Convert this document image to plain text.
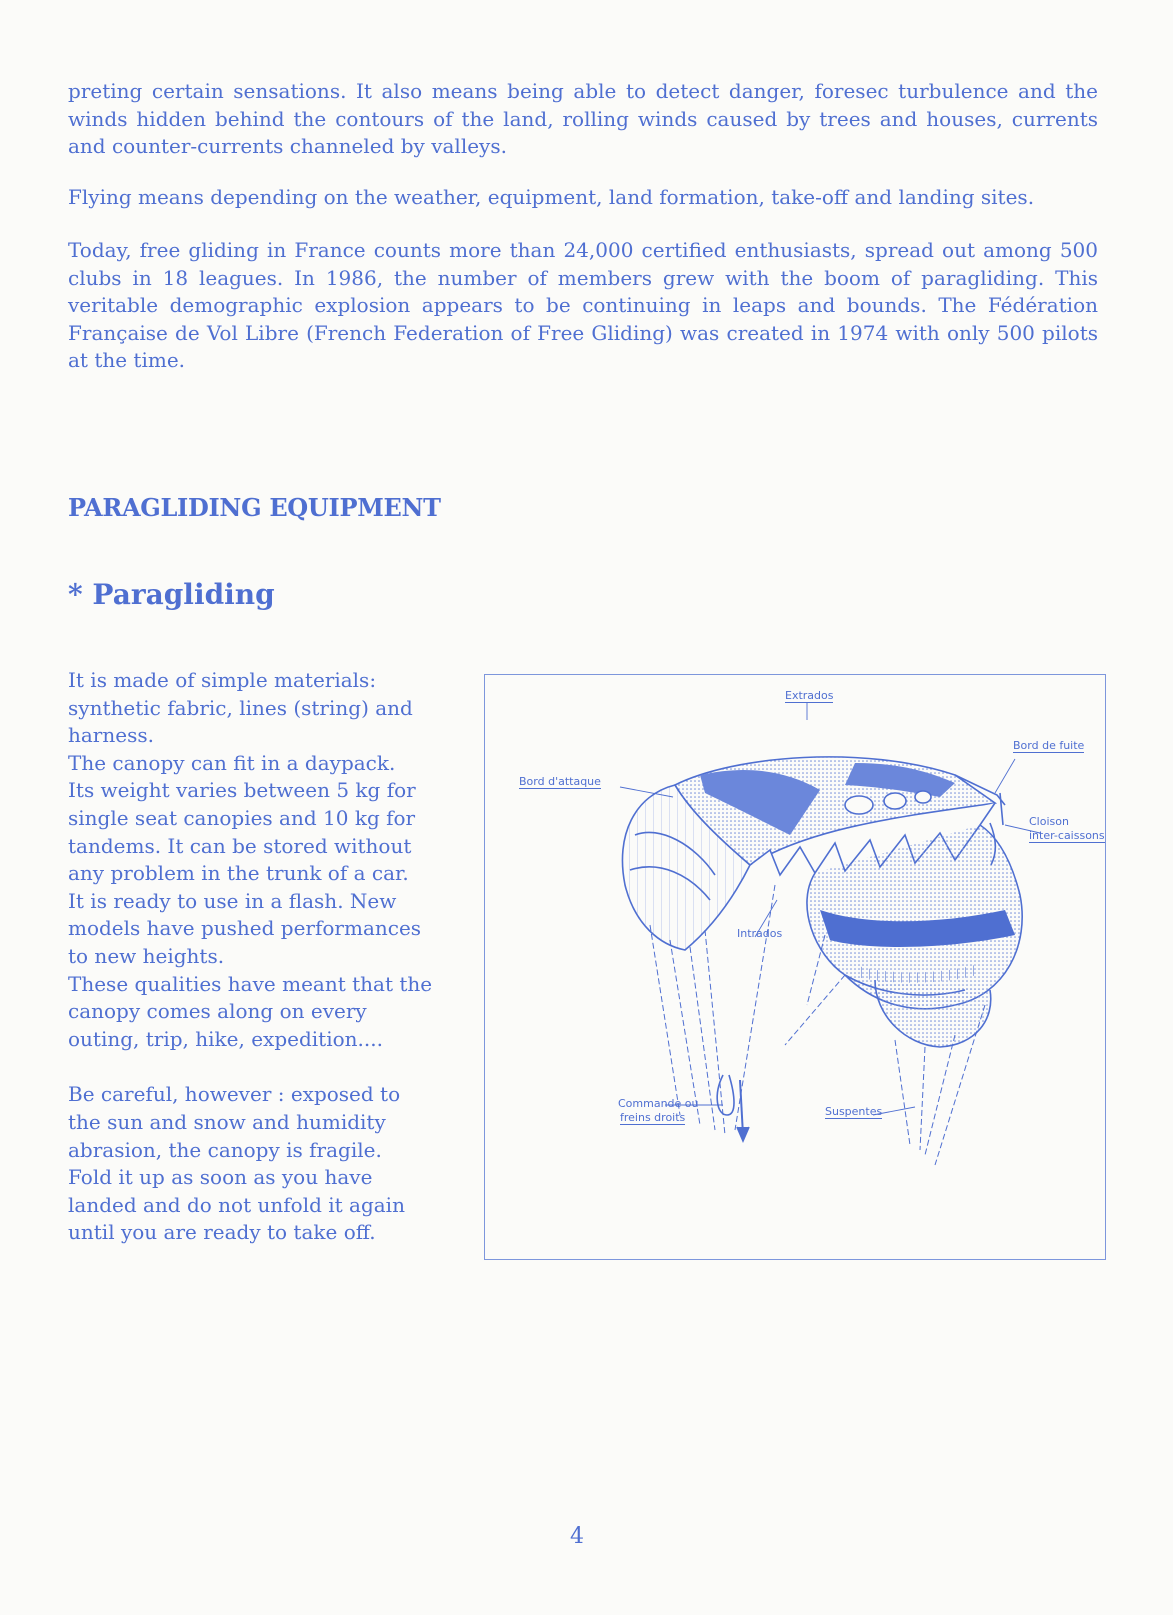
preting certain sensations. It also means being able to detect danger, foresec turbulence and the winds hidden behind the contours of the land, rolling winds caused by trees and houses, currents and counter-currents channeled by valleys.

Flying means depending on the weather, equipment, land formation, take-off and landing sites.

Today, free gliding in France counts more than 24,000 certified enthusiasts, spread out among 500 clubs in 18 leagues. In 1986, the number of members grew with the boom of paragliding. This veritable demographic explosion appears to be continuing in leaps and bounds. The Fédération Française de Vol Libre (French Federation of Free Gliding) was created in 1974 with only 500 pilots at the time.

PARAGLIDING EQUIPMENT
* Paragliding
It is made of simple materials:
synthetic fabric, lines (string) and
harness.
The canopy can fit in a daypack.
Its weight varies between 5 kg for
single seat canopies and 10 kg for
tandems. It can be stored without
any problem in the trunk of a car.
It is ready to use in a flash. New
models have pushed performances
to new heights.
These qualities have meant that the
canopy comes along on every
outing, trip, hike, expedition....
Be careful, however : exposed to
the sun and snow and humidity
abrasion, the canopy is fragile.
Fold it up as soon as you have
landed and do not unfold it again
until you are ready to take off.
Extrados
Bord de fuite
Bord d'attaque
Cloison
inter-caissons
Intrados
Commande ou
freins droits	Suspentes
4
